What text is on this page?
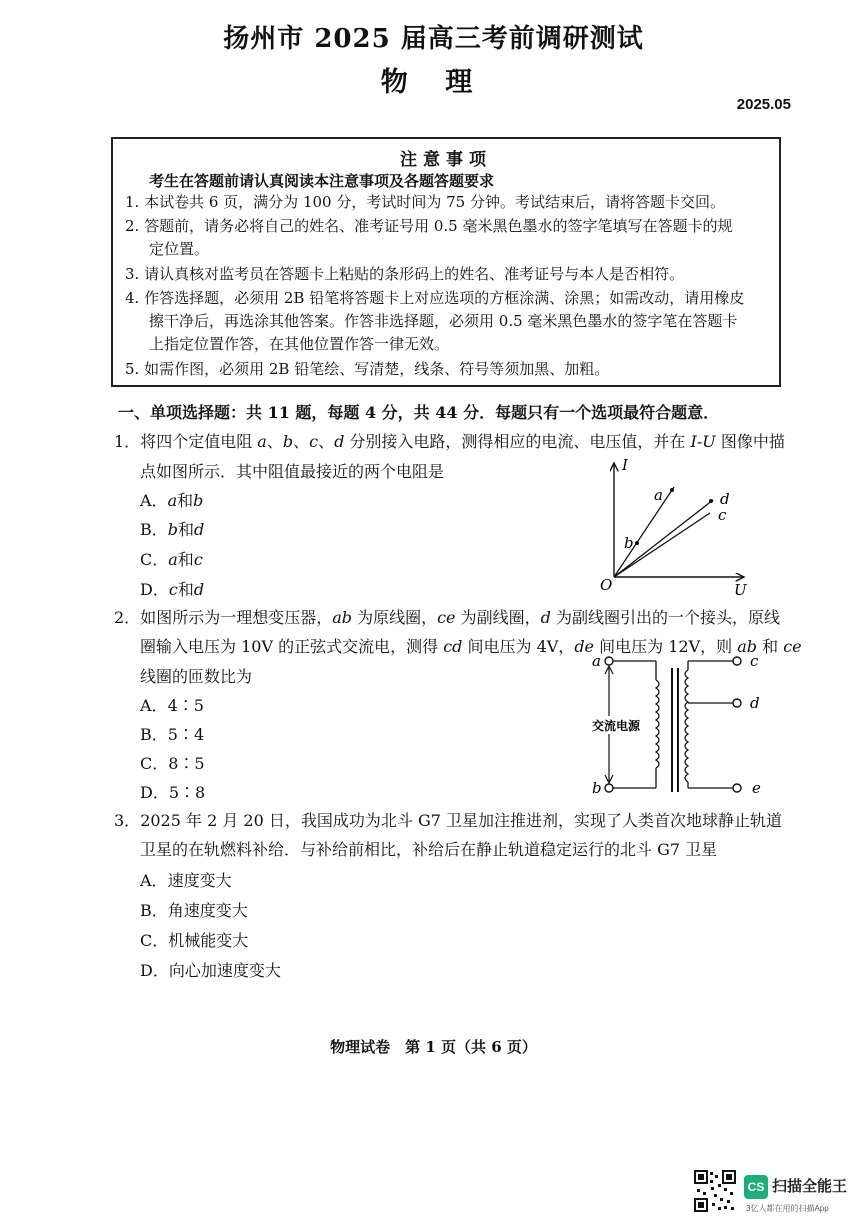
扬州市 2025 届高三考前调研测试
物 理
2025.05
注意事项
考生在答题前请认真阅读本注意事项及各题答题要求
1. 本试卷共 6 页，满分为 100 分，考试时间为 75 分钟。考试结束后，请将答题卡交回。
2. 答题前，请务必将自己的姓名、准考证号用 0.5 毫米黑色墨水的签字笔填写在答题卡的规
定位置。
3. 请认真核对监考员在答题卡上粘贴的条形码上的姓名、准考证号与本人是否相符。
4. 作答选择题，必须用 2B 铅笔将答题卡上对应选项的方框涂满、涂黑；如需改动，请用橡皮
擦干净后，再选涂其他答案。作答非选择题，必须用 0.5 毫米黑色墨水的签字笔在答题卡
上指定位置作答，在其他位置作答一律无效。
5. 如需作图，必须用 2B 铅笔绘、写清楚，线条、符号等须加黑、加粗。
一、单项选择题：共 11 题，每题 4 分，共 44 分．每题只有一个选项最符合题意．
1．将四个定值电阻 a、b、c、d 分别接入电路，测得相应的电流、电压值，并在 I-U 图像中描
点如图所示．其中阻值最接近的两个电阻是
A．a和b
B．b和d
C．a和c
D．c和d
I
U
O
a
b
c
d
2．如图所示为一理想变压器，ab 为原线圈，ce 为副线圈，d 为副线圈引出的一个接头，原线
圈输入电压为 10V 的正弦式交流电，测得 cd 间电压为 4V，de 间电压为 12V，则 ab 和 ce
线圈的匝数比为
A．4∶5
B．5∶4
C．8∶5
D．5∶8
交流电源
a
b
c
d
e
3．2025 年 2 月 20 日，我国成功为北斗 G7 卫星加注推进剂，实现了人类首次地球静止轨道
卫星的在轨燃料补给．与补给前相比，补给后在静止轨道稳定运行的北斗 G7 卫星
A．速度变大
B．角速度变大
C．机械能变大
D．向心加速度变大
物理试卷　第 1 页（共 6 页）
CS 扫描全能王
3亿人都在用的扫描App
